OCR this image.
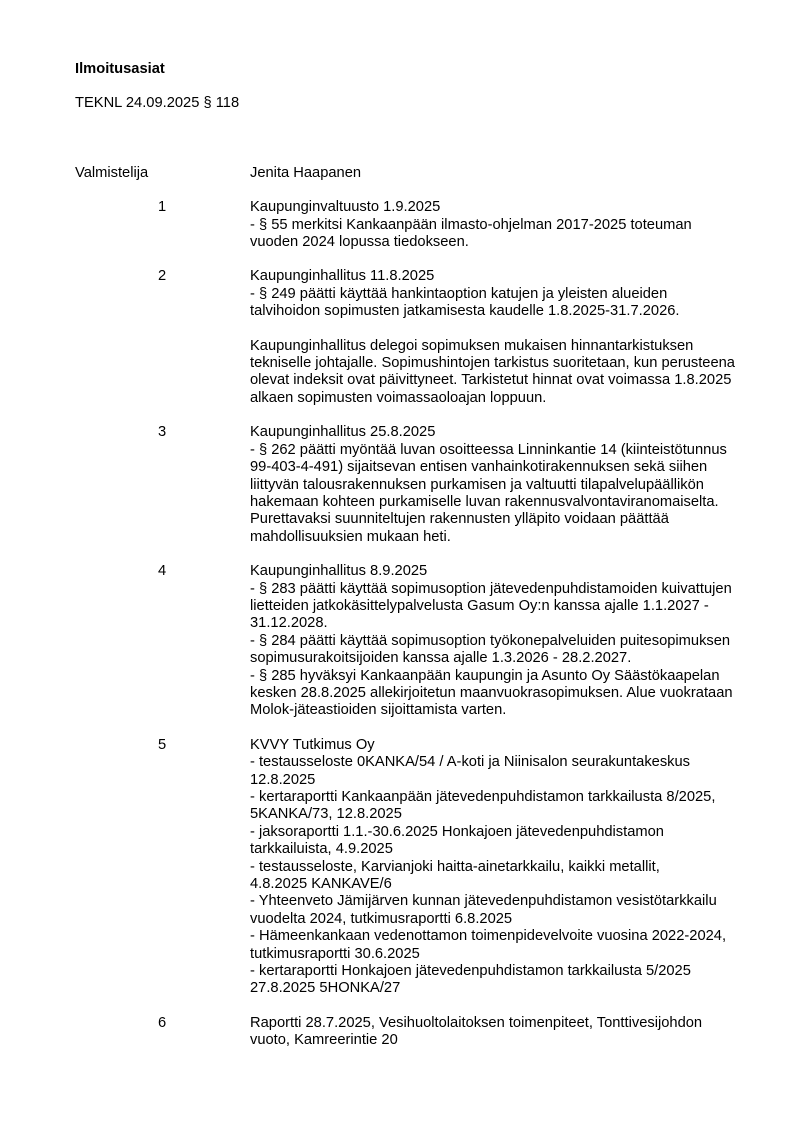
Ilmoitusasiat
TEKNL 24.09.2025 § 118
Valmistelija	Jenita Haapanen
1	Kaupunginvaltuusto 1.9.2025
- § 55 merkitsi Kankaanpään ilmasto-ohjelman 2017-2025 toteuman
vuoden 2024 lopussa tiedokseen.
2	Kaupunginhallitus 11.8.2025
- § 249 päätti käyttää hankintaoption katujen ja yleisten alueiden
talvihoidon sopimusten jatkamisesta kaudelle 1.8.2025-31.7.2026.
Kaupunginhallitus delegoi sopimuksen mukaisen hinnantarkistuksen
tekniselle johtajalle. Sopimushintojen tarkistus suoritetaan, kun perusteena
olevat indeksit ovat päivittyneet. Tarkistetut hinnat ovat voimassa 1.8.2025
alkaen sopimusten voimassaoloajan loppuun.
3	Kaupunginhallitus 25.8.2025
- § 262 päätti myöntää luvan osoitteessa Linninkantie 14 (kiinteistötunnus
99-403-4-491) sijaitsevan entisen vanhainkotirakennuksen sekä siihen
liittyvän talousrakennuksen purkamisen ja valtuutti tilapalvelupäällikön
hakemaan kohteen purkamiselle luvan rakennusvalvontaviranomaiselta.
Purettavaksi suunniteltujen rakennusten ylläpito voidaan päättää
mahdollisuuksien mukaan heti.
4	Kaupunginhallitus 8.9.2025
- § 283 päätti käyttää sopimusoption jätevedenpuhdistamoiden kuivattujen
lietteiden jatkokäsittelypalvelusta Gasum Oy:n kanssa ajalle 1.1.2027 -
31.12.2028.
- § 284 päätti käyttää sopimusoption työkonepalveluiden puitesopimuksen
sopimusurakoitsijoiden kanssa ajalle 1.3.2026 - 28.2.2027.
- § 285 hyväksyi Kankaanpään kaupungin ja Asunto Oy Säästökaapelan
kesken 28.8.2025 allekirjoitetun maanvuokrasopimuksen. Alue vuokrataan
Molok-jäteastioiden sijoittamista varten.
5	KVVY Tutkimus Oy
- testausseloste 0KANKA/54 / A-koti ja Niinisalon seurakuntakeskus
12.8.2025
- kertaraportti Kankaanpään jätevedenpuhdistamon tarkkailusta 8/2025,
5KANKA/73, 12.8.2025
- jaksoraportti 1.1.-30.6.2025 Honkajoen jätevedenpuhdistamon
tarkkailuista, 4.9.2025
- testausseloste, Karvianjoki haitta-ainetarkkailu, kaikki metallit,
4.8.2025 KANKAVE/6
- Yhteenveto Jämijärven kunnan jätevedenpuhdistamon vesistötarkkailu
vuodelta 2024, tutkimusraportti 6.8.2025
- Hämeenkankaan vedenottamon toimenpidevelvoite vuosina 2022-2024,
tutkimusraportti 30.6.2025
- kertaraportti Honkajoen jätevedenpuhdistamon tarkkailusta 5/2025
27.8.2025 5HONKA/27
6	Raportti 28.7.2025, Vesihuoltolaitoksen toimenpiteet, Tonttivesijohdon
vuoto, Kamreerintie 20
